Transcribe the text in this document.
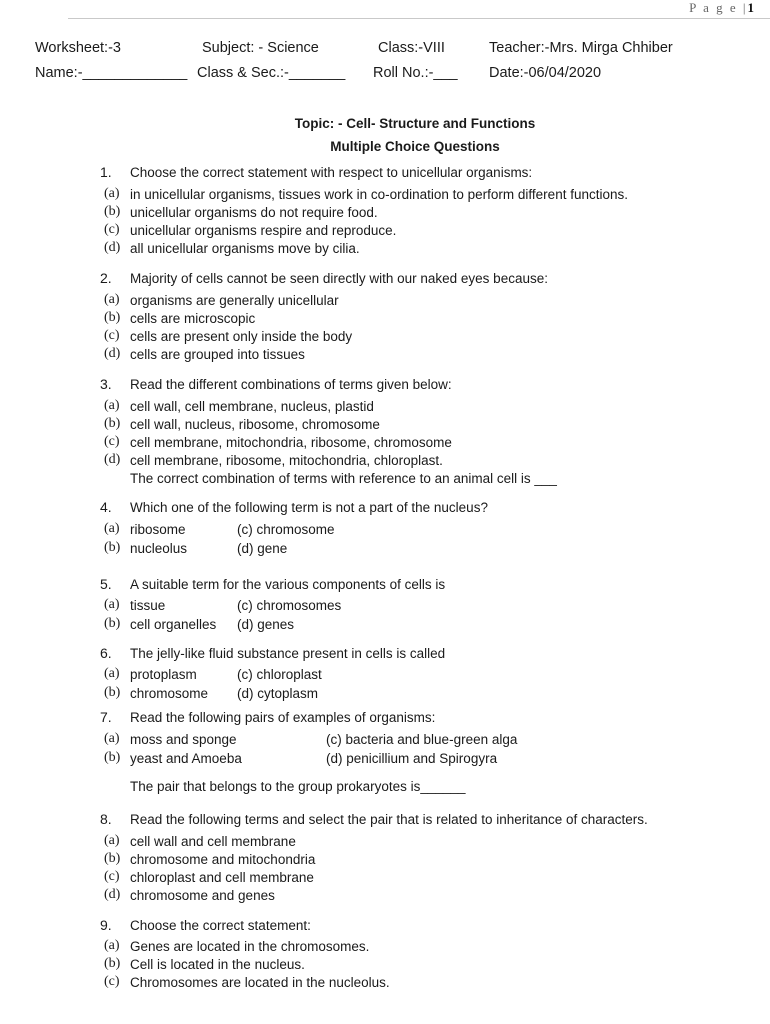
P a g e |1
Worksheet:-3	Subject: - Science	Class:-VIII	Teacher:-Mrs. Mirga Chhiber
Name:-_____________ Class & Sec.:-_______ Roll No.:-___ Date:-06/04/2020
Topic: - Cell- Structure and Functions
Multiple Choice Questions
1. Choose the correct statement with respect to unicellular organisms:
(a) in unicellular organisms, tissues work in co-ordination to perform different functions.
(b) unicellular organisms do not require food.
(c) unicellular organisms respire and reproduce.
(d) all unicellular organisms move by cilia.
2. Majority of cells cannot be seen directly with our naked eyes because:
(a) organisms are generally unicellular
(b) cells are microscopic
(c) cells are present only inside the body
(d) cells are grouped into tissues
3. Read the different combinations of terms given below:
(a) cell wall, cell membrane, nucleus, plastid
(b) cell wall, nucleus, ribosome, chromosome
(c) cell membrane, mitochondria, ribosome, chromosome
(d) cell membrane, ribosome, mitochondria, chloroplast.
The correct combination of terms with reference to an animal cell is ___
4. Which one of the following term is not a part of the nucleus?
(a) ribosome	(c) chromosome
(b) nucleolus	(d) gene
5. A suitable term for the various components of cells is
(a) tissue	(c) chromosomes
(b) cell organelles (d) genes
6. The jelly-like fluid substance present in cells is called
(a) protoplasm	(c) chloroplast
(b) chromosome (d) cytoplasm
7. Read the following pairs of examples of organisms:
(a) moss and sponge	(c) bacteria and blue-green alga
(b) yeast and Amoeba	(d) penicillium and Spirogyra
The pair that belongs to the group prokaryotes is______
8. Read the following terms and select the pair that is related to inheritance of characters.
(a) cell wall and cell membrane
(b) chromosome and mitochondria
(c) chloroplast and cell membrane
(d) chromosome and genes
9. Choose the correct statement:
(a) Genes are located in the chromosomes.
(b) Cell is located in the nucleus.
(c) Chromosomes are located in the nucleolus.
